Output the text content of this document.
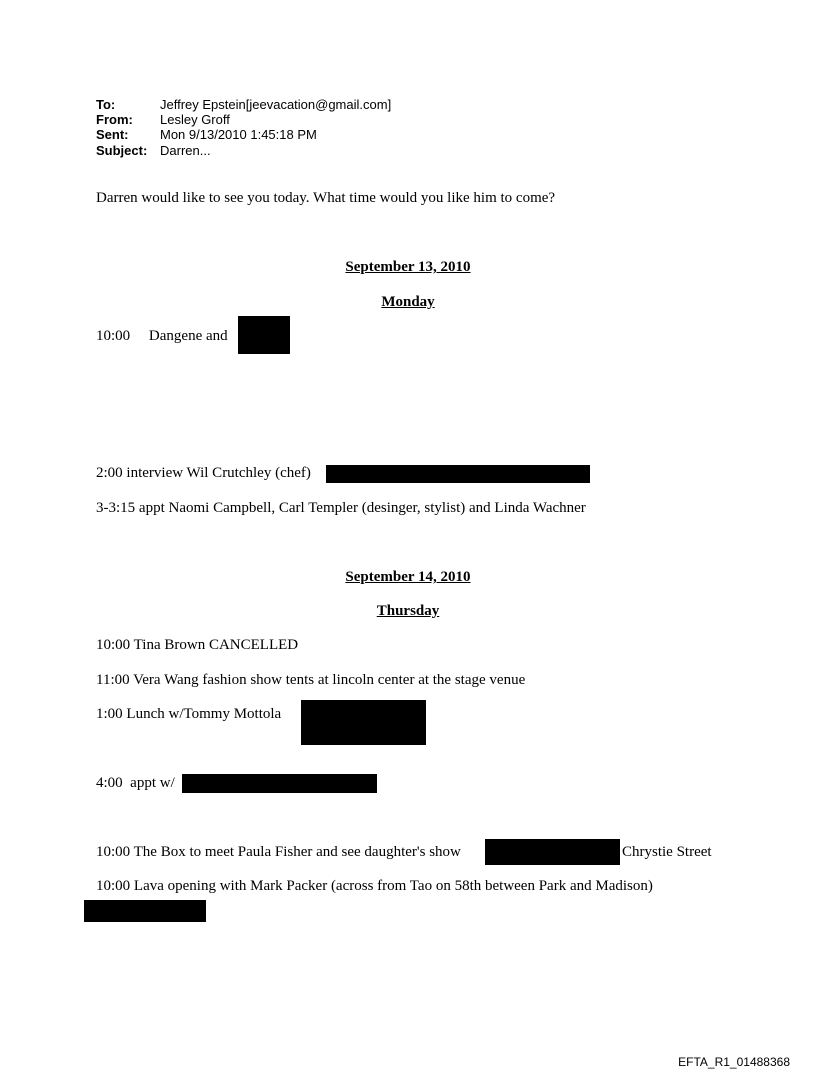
To:	Jeffrey Epstein[jeevacation@gmail.com]
From: Lesley Groff
Sent: Mon 9/13/2010 1:45:18 PM
Subject: Darren...
Darren would like to see you today. What time would you like him to come?
September 13, 2010
Monday
10:00     Dangene and
2:00 interview Wil Crutchley (chef)
3-3:15 appt Naomi Campbell, Carl Templer (desinger, stylist) and Linda Wachner
September 14, 2010
Thursday
10:00 Tina Brown CANCELLED
11:00 Vera Wang fashion show tents at lincoln center at the stage venue
1:00 Lunch w/Tommy Mottola
4:00  appt w/
10:00 The Box to meet Paula Fisher and see daughter's show	Chrystie Street
10:00 Lava opening with Mark Packer (across from Tao on 58th between Park and Madison)
EFTA_R1_01488368
